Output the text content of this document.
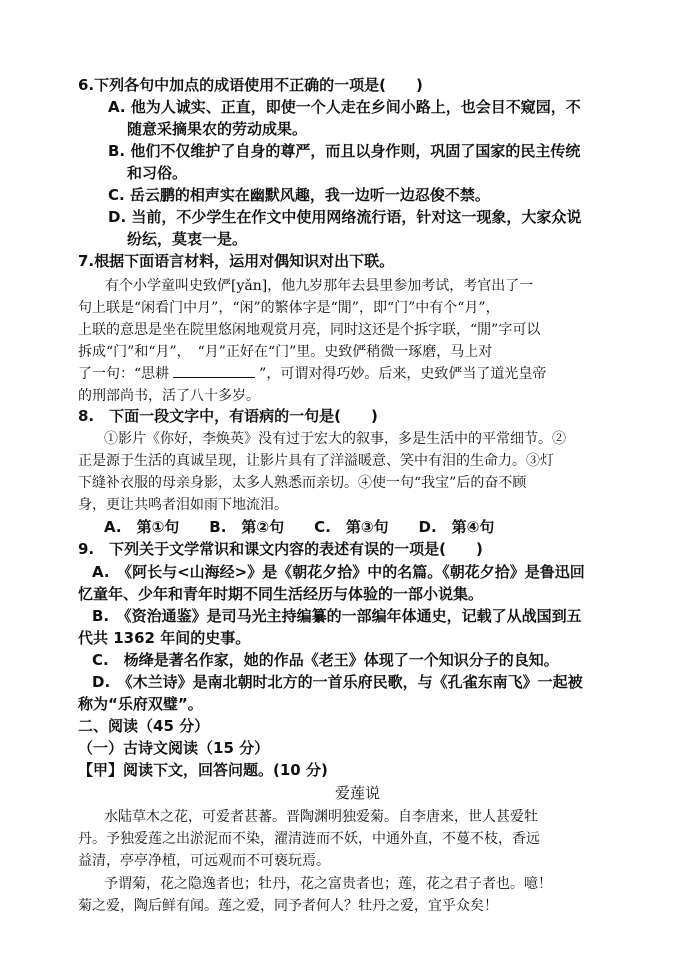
6.下列各句中加点的成语使用不正确的一项是(　　)
A. 他为人诚实、正直，即使一个人走在乡间小路上，也会目不窥园，不
随意采摘果农的劳动成果。
B. 他们不仅维护了自身的尊严，而且以身作则，巩固了国家的民主传统
和习俗。
C. 岳云鹏的相声实在幽默风趣，我一边听一边忍俊不禁。
D. 当前，不少学生在作文中使用网络流行语，针对这一现象，大家众说
纷纭，莫衷一是。
7.根据下面语言材料，运用对偶知识对出下联。
有个小学童叫史致俨[yǎn]，他九岁那年去县里参加考试，考官出了一
句上联是“闲看门中月”，“闲”的繁体字是“閒”，即“门”中有个“月”，
上联的意思是坐在院里悠闲地观赏月亮，同时这还是个拆字联，“閒”字可以
拆成“门”和“月”，　“月”正好在“门”里。史致俨稍微一琢磨，马上对
了一句：“思耕	”，可谓对得巧妙。后来，史致俨当了道光皇帝
的刑部尚书，活了八十多岁。
8.　下面一段文字中，有语病的一句是(　　)
①影片《你好，李焕英》没有过于宏大的叙事，多是生活中的平常细节。②
正是源于生活的真诚呈现，让影片具有了洋溢暖意、笑中有泪的生命力。③灯
下缝补衣服的母亲身影，太多人熟悉而亲切。④使一句“我宝”后的奋不顾
身，更让共鸣者泪如雨下地流泪。
A.　第①句　　B.　第②句　　C.　第③句　　D.　第④句
9.　下列关于文学常识和课文内容的表述有误的一项是(　　)
A.　《阿长与<山海经>》是《朝花夕拾》中的名篇。《朝花夕拾》是鲁迅回
忆童年、少年和青年时期不同生活经历与体验的一部小说集。
B.　《资治通鉴》是司马光主持编纂的一部编年体通史，记载了从战国到五
代共 1362 年间的史事。
C.　杨绛是著名作家，她的作品《老王》体现了一个知识分子的良知。
D.　《木兰诗》是南北朝时北方的一首乐府民歌，与《孔雀东南飞》一起被
称为“乐府双璧”。
二、阅读（45 分）
（一）古诗文阅读（15 分）
【甲】阅读下文，回答问题。(10 分)
爱莲说
水陆草木之花，可爱者甚蕃。晋陶渊明独爱菊。自李唐来，世人甚爱牡
丹。予独爱莲之出淤泥而不染，濯清涟而不妖，中通外直，不蔓不枝，香远
益清，亭亭净植，可远观而不可亵玩焉。
予谓菊，花之隐逸者也；牡丹，花之富贵者也；莲，花之君子者也。噫！
菊之爱，陶后鲜有闻。莲之爱，同予者何人？牡丹之爱，宜乎众矣！
